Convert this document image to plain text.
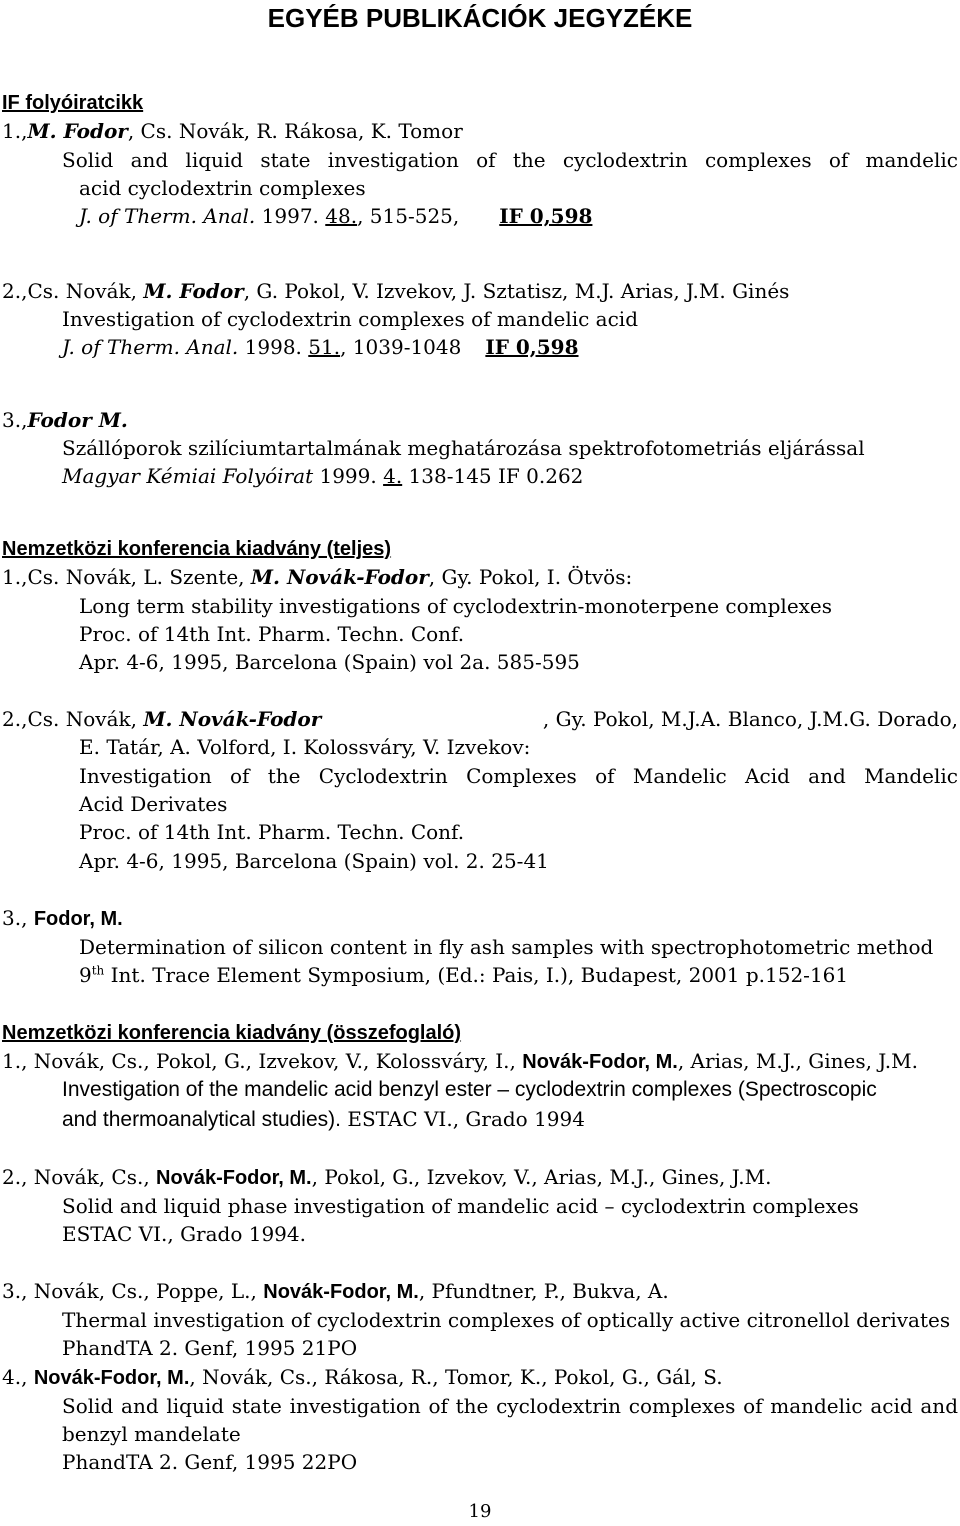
EGYÉB PUBLIKÁCIÓK JEGYZÉKE
IF folyóiratcikk
1.,M. Fodor, Cs. Novák, R. Rákosa, K. Tomor
Solid and liquid state investigation of the cyclodextrin complexes of mandelic
acid cyclodextrin complexes
J. of Therm. Anal. 1997. 48., 515-525, IF 0,598
2.,Cs. Novák, M. Fodor, G. Pokol, V. Izvekov, J. Sztatisz, M.J. Arias, J.M. Ginés
Investigation of cyclodextrin complexes of mandelic acid
J. of Therm. Anal. 1998. 51., 1039-1048 IF 0,598
3.,Fodor M.
Szállóporok szilíciumtartalmának meghatározása spektrofotometriás eljárással
Magyar Kémiai Folyóirat 1999. 4. 138-145 IF 0.262
Nemzetközi konferencia kiadvány (teljes)
1.,Cs. Novák, L. Szente, M. Novák-Fodor, Gy. Pokol, I. Ötvös:
Long term stability investigations of cyclodextrin-monoterpene complexes
Proc. of 14th Int. Pharm. Techn. Conf.
Apr. 4-6, 1995, Barcelona (Spain) vol 2a. 585-595
2.,Cs. Novák, M. Novák-Fodor	, Gy. Pokol, M.J.A. Blanco, J.M.G. Dorado,
E. Tatár, A. Volford, I. Kolossváry, V. Izvekov:
Investigation of the Cyclodextrin Complexes of Mandelic Acid and Mandelic
Acid Derivates
Proc. of 14th Int. Pharm. Techn. Conf.
Apr. 4-6, 1995, Barcelona (Spain) vol. 2. 25-41
3., Fodor, M.
Determination of silicon content in fly ash samples with spectrophotometric method
9th Int. Trace Element Symposium, (Ed.: Pais, I.), Budapest, 2001 p.152-161
Nemzetközi konferencia kiadvány (összefoglaló)
1., Novák, Cs., Pokol, G., Izvekov, V., Kolossváry, I., Novák-Fodor, M., Arias, M.J., Gines, J.M.
Investigation of the mandelic acid benzyl ester – cyclodextrin complexes (Spectroscopic
and thermoanalytical studies). ESTAC VI., Grado 1994
2., Novák, Cs., Novák-Fodor, M., Pokol, G., Izvekov, V., Arias, M.J., Gines, J.M.
Solid and liquid phase investigation of mandelic acid – cyclodextrin complexes
ESTAC VI., Grado 1994.
3., Novák, Cs., Poppe, L., Novák-Fodor, M., Pfundtner, P., Bukva, A.
Thermal investigation of cyclodextrin complexes of optically active citronellol derivates
PhandTA 2. Genf, 1995 21PO
4., Novák-Fodor, M., Novák, Cs., Rákosa, R., Tomor, K., Pokol, G., Gál, S.
Solid and liquid state investigation of the cyclodextrin complexes of mandelic acid and
benzyl mandelate
PhandTA 2. Genf, 1995 22PO
19
